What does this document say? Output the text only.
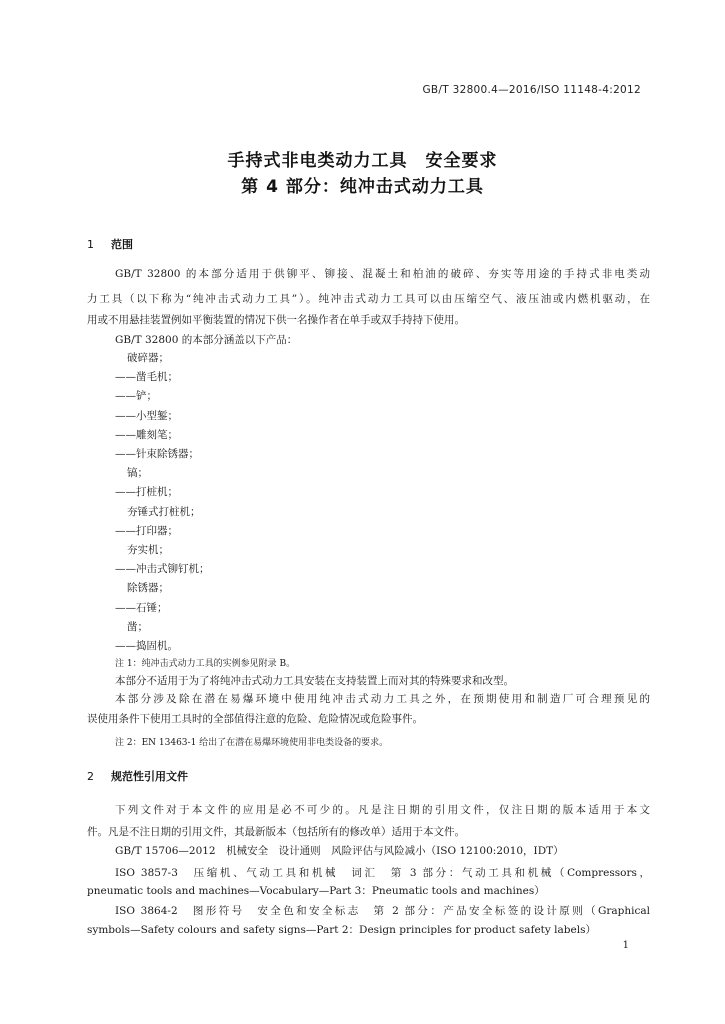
GB/T 32800.4—2016/ISO 11148-4:2012
手持式非电类动力工具 安全要求
第 4 部分：纯冲击式动力工具
1 范围
GB/T 32800 的本部分适用于供铆平、铆接、混凝土和柏油的破碎、夯实等用途的手持式非电类动
力工具（以下称为“纯冲击式动力工具”）。纯冲击式动力工具可以由压缩空气、液压油或内燃机驱动，在
用或不用悬挂装置例如平衡装置的情况下供一名操作者在单手或双手持持下使用。
GB/T 32800 的本部分涵盖以下产品：
破碎器；
——凿毛机；
——铲；
——小型錾；
——雕刻笔；
——针束除锈器；
镐；
——打桩机；
夯锤式打桩机；
——打印器；
夯实机；
——冲击式铆钉机；
除锈器；
——石锤；
凿；
——捣固机。
注 1：纯冲击式动力工具的实例参见附录 B。
本部分不适用于为了将纯冲击式动力工具安装在支持装置上而对其的特殊要求和改型。
本部分涉及除在潜在易爆环境中使用纯冲击式动力工具之外，在预期使用和制造厂可合理预见的
误使用条件下使用工具时的全部值得注意的危险、危险情况或危险事件。
注 2：EN 13463-1 给出了在潜在易爆环境使用非电类设备的要求。
2 规范性引用文件
下列文件对于本文件的应用是必不可少的。凡是注日期的引用文件，仅注日期的版本适用于本文
件。凡是不注日期的引用文件，其最新版本（包括所有的修改单）适用于本文件。
GB/T 15706—2012　机械安全　设计通则　风险评估与风险减小（ISO 12100:2010，IDT）
ISO 3857-3　压缩机、气动工具和机械　词汇　第 3 部分：气动工具和机械（Compressors，
pneumatic tools and machines—Vocabulary—Part 3：Pneumatic tools and machines）
ISO 3864-2　图形符号　安全色和安全标志　第 2 部分：产品安全标签的设计原则（Graphical
symbols—Safety colours and safety signs—Part 2：Design principles for product safety labels）
1
